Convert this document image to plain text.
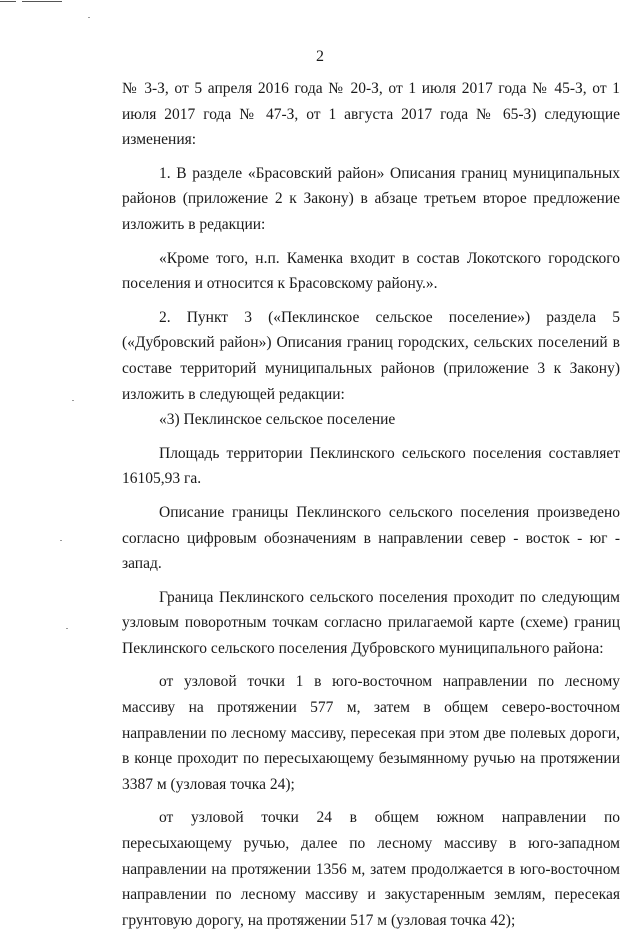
2

№ 3-З, от 5 апреля 2016 года № 20-З, от 1 июля 2017 года № 45-З, от 1 июля 2017 года № 47-З, от 1 августа 2017 года № 65-З) следующие изменения:

1. В разделе «Брасовский район» Описания границ муниципальных районов (приложение 2 к Закону) в абзаце третьем второе предложение изложить в редакции:

«Кроме того, н.п. Каменка входит в состав Локотского городского поселения и относится к Брасовскому району.».

2. Пункт 3 («Пеклинское сельское поселение») раздела 5 («Дубровский район») Описания границ городских, сельских поселений в составе территорий муниципальных районов (приложение 3 к Закону) изложить в следующей редакции:

«3) Пеклинское сельское поселение

Площадь территории Пеклинского сельского поселения составляет 16105,93 га.

Описание границы Пеклинского сельского поселения произведено согласно цифровым обозначениям в направлении север - восток - юг - запад.

Граница Пеклинского сельского поселения проходит по следующим узловым поворотным точкам согласно прилагаемой карте (схеме) границ Пеклинского сельского поселения Дубровского муниципального района:

от узловой точки 1 в юго-восточном направлении по лесному массиву на протяжении 577 м, затем в общем северо-восточном направлении по лесному массиву, пересекая при этом две полевых дороги, в конце проходит по пересыхающему безымянному ручью на протяжении 3387 м (узловая точка 24);

от узловой точки 24 в общем южном направлении по пересыхающему ручью, далее по лесному массиву в юго-западном направлении на протяжении 1356 м, затем продолжается в юго-восточном направлении по лесному массиву и закустаренным землям, пересекая грунтовую дорогу, на протяжении 517 м (узловая точка 42);
